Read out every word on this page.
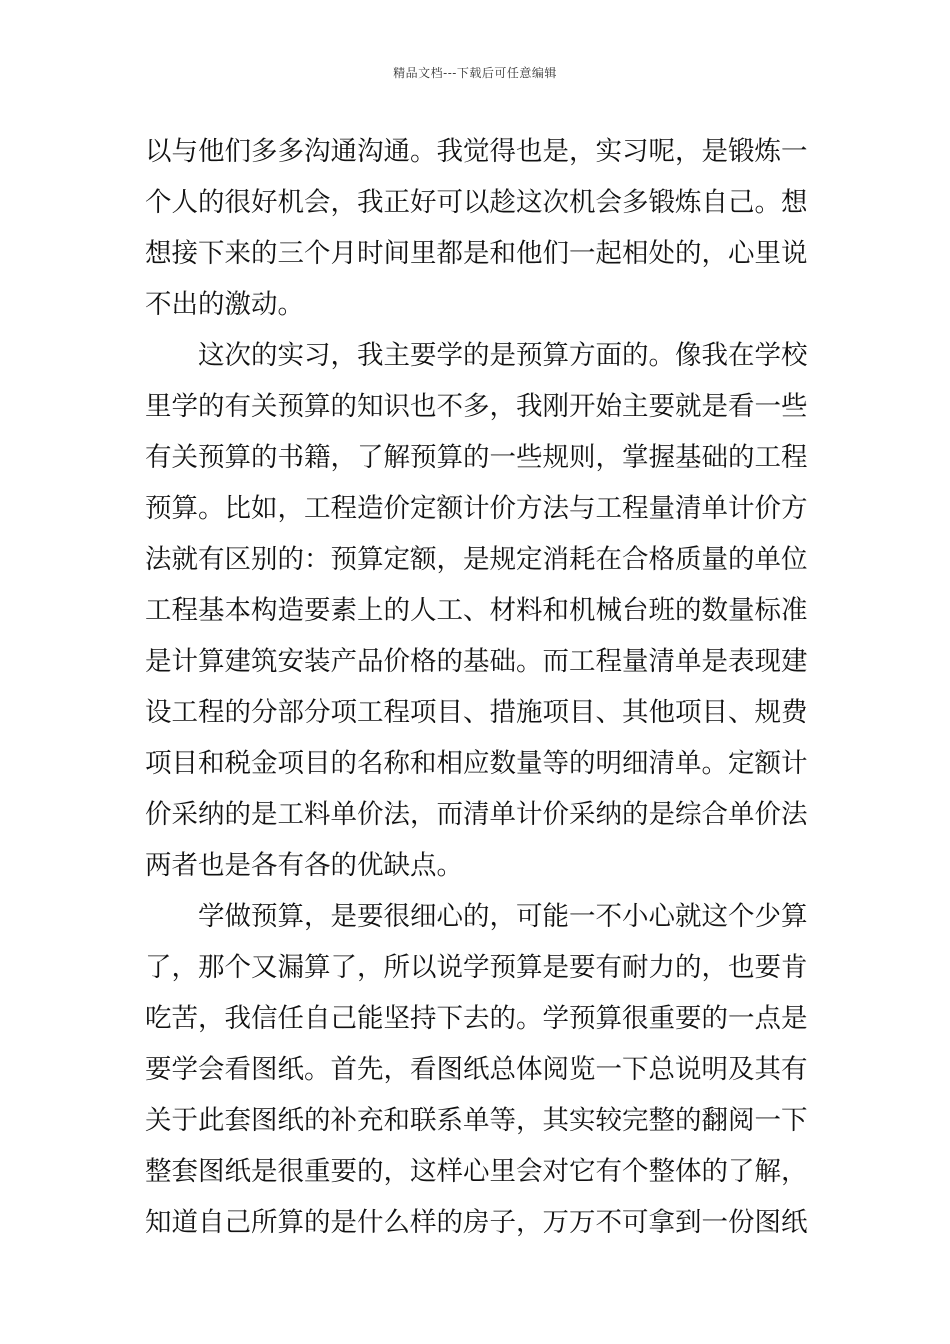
精品文档---下载后可任意编辑
以与他们多多沟通沟通。我觉得也是，实习呢，是锻炼一
个人的很好机会，我正好可以趁这次机会多锻炼自己。想
想接下来的三个月时间里都是和他们一起相处的，心里说
不出的激动。
这次的实习，我主要学的是预算方面的。像我在学校
里学的有关预算的知识也不多，我刚开始主要就是看一些
有关预算的书籍，了解预算的一些规则，掌握基础的工程
预算。比如，工程造价定额计价方法与工程量清单计价方
法就有区别的：预算定额，是规定消耗在合格质量的单位
工程基本构造要素上的人工、材料和机械台班的数量标准
是计算建筑安装产品价格的基础。而工程量清单是表现建
设工程的分部分项工程项目、措施项目、其他项目、规费
项目和税金项目的名称和相应数量等的明细清单。定额计
价采纳的是工料单价法，而清单计价采纳的是综合单价法
两者也是各有各的优缺点。
学做预算，是要很细心的，可能一不小心就这个少算
了，那个又漏算了，所以说学预算是要有耐力的，也要肯
吃苦，我信任自己能坚持下去的。学预算很重要的一点是
要学会看图纸。首先，看图纸总体阅览一下总说明及其有
关于此套图纸的补充和联系单等，其实较完整的翻阅一下
整套图纸是很重要的，这样心里会对它有个整体的了解，
知道自己所算的是什么样的房子，万万不可拿到一份图纸
